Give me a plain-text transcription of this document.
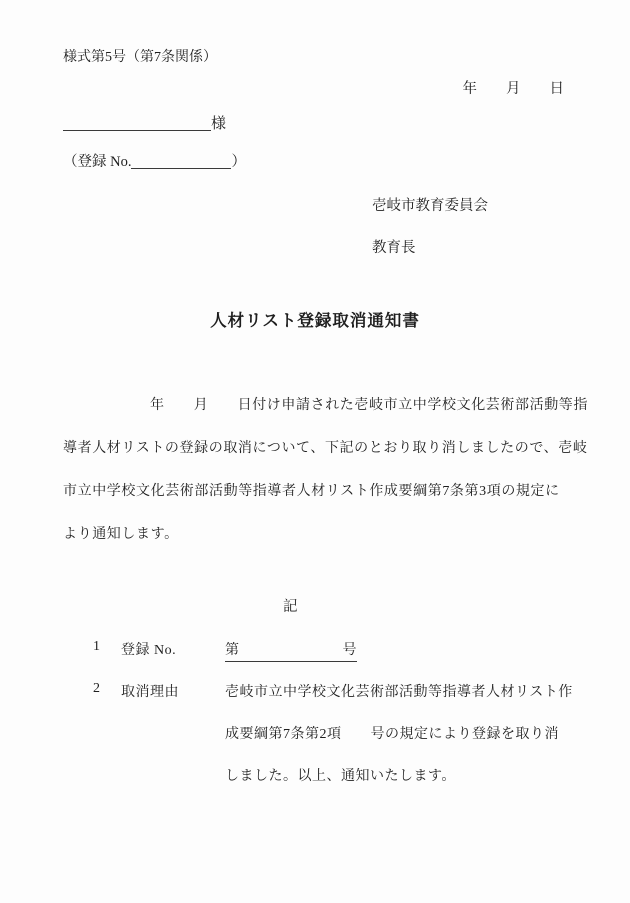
様式第5号（第7条関係）
年　　月　　日
様
（登録 No.	）
壱岐市教育委員会
教育長
人材リスト登録取消通知書
年　　月　　日付け申請された壱岐市立中学校文化芸術部活動等指
導者人材リストの登録の取消について、下記のとおり取り消しましたので、壱岐
市立中学校文化芸術部活動等指導者人材リスト作成要綱第7条第3項の規定に
より通知します。
記
1 登録 No.	第	号
2 取消理由	壱岐市立中学校文化芸術部活動等指導者人材リスト作
成要綱第7条第2項　　号の規定により登録を取り消
しました。以上、通知いたします。
